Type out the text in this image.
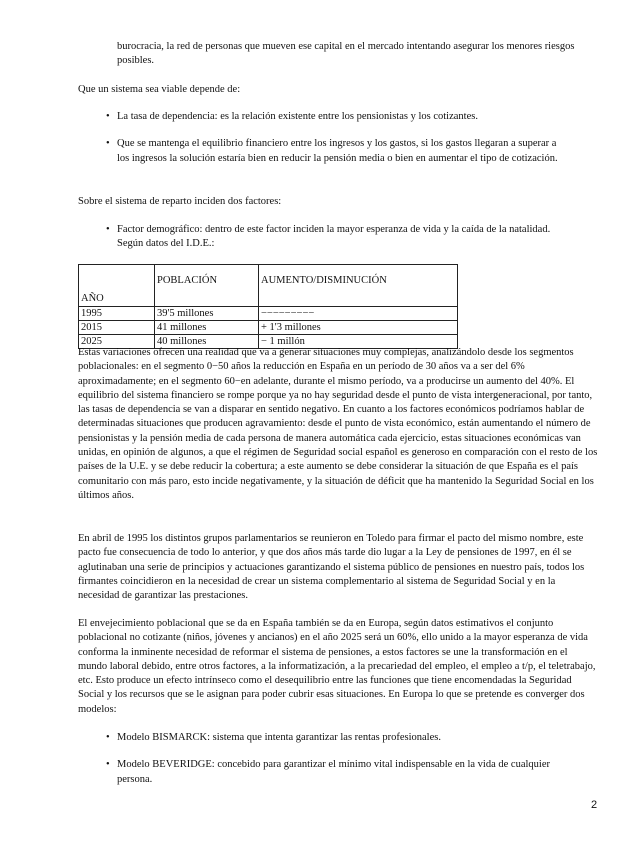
burocracia, la red de personas que mueven ese capital en el mercado intentando asegurar los menores riesgos posibles.

Que un sistema sea viable depende de:

• La tasa de dependencia: es la relación existente entre los pensionistas y los cotizantes.
• Que se mantenga el equilibrio financiero entre los ingresos y los gastos, si los gastos llegaran a superar a los ingresos la solución estaría bien en reducir la pensión media o bien en aumentar el tipo de cotización.

Sobre el sistema de reparto inciden dos factores:

• Factor demográfico: dentro de este factor inciden la mayor esperanza de vida y la caída de la natalidad. Según datos del I.D.E.:
AÑO	POBLACIÓN	AUMENTO/DISMINUCIÓN
1995	39'5 millones	−−−−−−−−−
2015	41 millones	+ 1'3 millones
2025	40 millones	− 1 millón

Estas variaciones ofrecen una realidad que va a generar situaciones muy complejas, analizándolo desde los segmentos poblacionales: en el segmento 0−50 años la reducción en España en un período de 30 años va a ser del 6% aproximadamente; en el segmento 60−en adelante, durante el mismo período, va a producirse un aumento del 40%. El equilibrio del sistema financiero se rompe porque ya no hay seguridad desde el punto de vista intergeneracional, por tanto, las tasas de dependencia se van a disparar en sentido negativo. En cuanto a los factores económicos podríamos hablar de determinadas situaciones que producen agravamiento: desde el punto de vista económico, están aumentando el número de pensionistas y la pensión media de cada persona de manera automática cada ejercicio, estas situaciones económicas van unidas, en opinión de algunos, a que el régimen de Seguridad social español es generoso en comparación con el resto de los países de la U.E. y se debe reducir la cobertura; a este aumento se debe considerar la situación de que España es el país comunitario con más paro, esto incide negativamente, y la situación de déficit que ha mantenido la Seguridad Social en los últimos años.

En abril de 1995 los distintos grupos parlamentarios se reunieron en Toledo para firmar el pacto del mismo nombre, este pacto fue consecuencia de todo lo anterior, y que dos años más tarde dio lugar a la Ley de pensiones de 1997, en él se aglutinaban una serie de principios y actuaciones garantizando el sistema público de pensiones en nuestro país, todos los firmantes coincidieron en la necesidad de crear un sistema complementario al sistema de Seguridad Social y en la necesidad de garantizar las prestaciones.

El envejecimiento poblacional que se da en España también se da en Europa, según datos estimativos el conjunto poblacional no cotizante (niños, jóvenes y ancianos) en el año 2025 será un 60%, ello unido a la mayor esperanza de vida conforma la inminente necesidad de reformar el sistema de pensiones, a estos factores se une la transformación en el mundo laboral debido, entre otros factores, a la informatización, a la precariedad del empleo, el empleo a t/p, el teletrabajo, etc. Esto produce un efecto intrínseco como el desequilibrio entre las funciones que tiene encomendadas la Seguridad Social y los recursos que se le asignan para poder cubrir esas situaciones. En Europa lo que se pretende es converger dos modelos:

• Modelo BISMARCK: sistema que intenta garantizar las rentas profesionales.
• Modelo BEVERIDGE: concebido para garantizar el mínimo vital indispensable en la vida de cualquier persona.
2
